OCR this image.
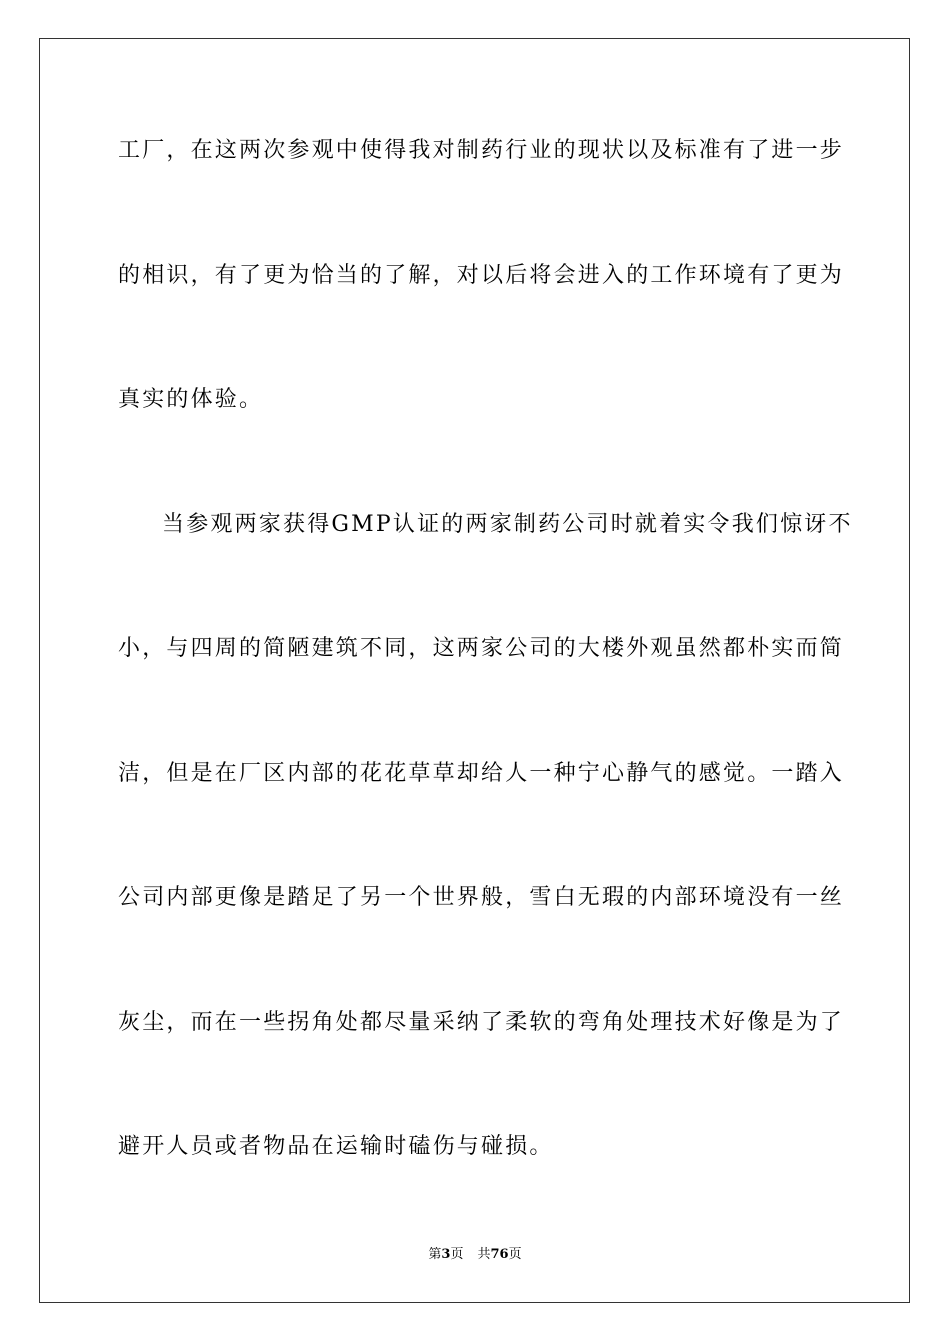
工厂，在这两次参观中使得我对制药行业的现状以及标准有了进一步
的相识，有了更为恰当的了解，对以后将会进入的工作环境有了更为
真实的体验。
当参观两家获得GMP认证的两家制药公司时就着实令我们惊讶不
小，与四周的简陋建筑不同，这两家公司的大楼外观虽然都朴实而简
洁，但是在厂区内部的花花草草却给人一种宁心静气的感觉。一踏入
公司内部更像是踏足了另一个世界般，雪白无瑕的内部环境没有一丝
灰尘，而在一些拐角处都尽量采纳了柔软的弯角处理技术好像是为了
避开人员或者物品在运输时磕伤与碰损。
第3页 共76页
